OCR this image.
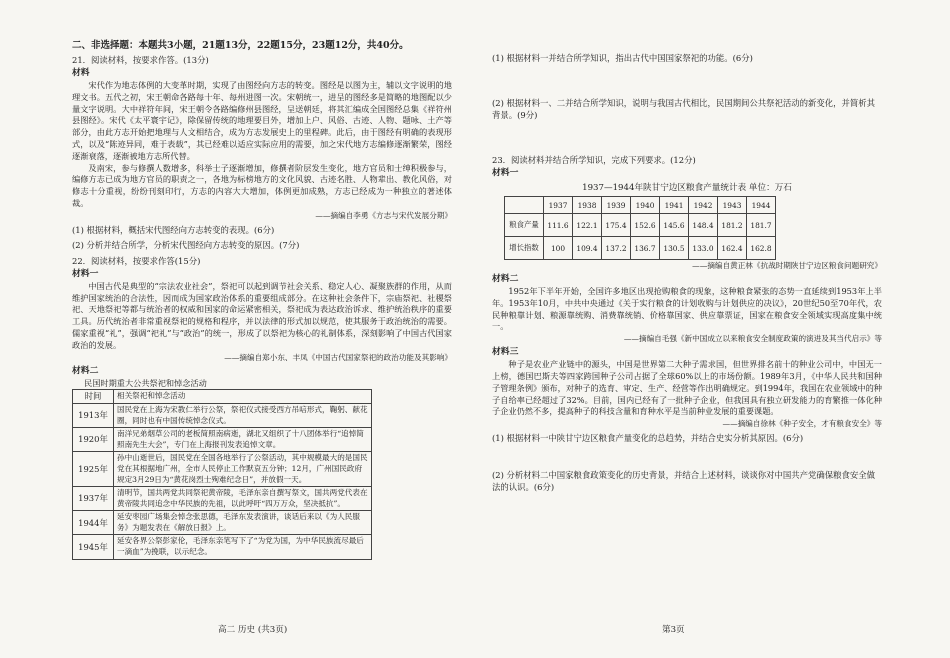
二、非选择题：本题共3小题，21题13分，22题15分，23题12分，共40分。

21．阅读材料，按要求作答。(13分)

材料

宋代作为地志体例的大变革时期，实现了由图经向方志的转变。图经是以图为主，辅以文字说明的地理文书。五代之初，宋王朝命各路每十年、每州进图一次。宋朝统一，进呈的图经多是简略的地图配以少量文字说明。大中祥符年间，宋王朝令各路编修州县图经，呈送朝廷，将其汇编成全国图经总集《祥符州县图经》。宋代《太平寰宇记》，除保留传统的地理要目外，增加上户、风俗、古迹、人物、题咏、土产等部分，由此方志开始把地理与人文相结合，成为方志发展史上的里程碑。此后，由于图经有明确的表现形式，以及“陈迹异同，难于表载”，其已经难以适应实际应用的需要，加之宋代地方志编修逐渐繁荣，图经逐渐衰落，逐渐被地方志所代替。

及南宋，参与修撰人数增多，科举士子逐渐增加，修撰者阶层发生变化，地方官员和士绅积极参与，编修方志已成为地方官员的职责之一，各地为标榜地方的文化风貌、古迹名胜、人物辈出、教化风俗，对修志十分重视，纷纷刊刻印行，方志的内容大大增加，体例更加成熟，方志已经成为一种独立的著述体裁。

——摘编自李勇《方志与宋代发展分期》

(1) 根据材料，概括宋代图经向方志转变的表现。(6分)

(2) 分析并结合所学，分析宋代图经向方志转变的原因。(7分)

22．阅读材料，按要求作答(15分)

材料一

中国古代是典型的“宗法农业社会”，祭祀可以起到调节社会关系、稳定人心、凝聚族群的作用，从而维护国家统治的合法性，因而成为国家政治体系的重要组成部分。在这种社会条件下，宗庙祭祀、社稷祭祀、天地祭祀等都与统治者的权威和国家的命运紧密相关，祭祀成为表达政治诉求、维护统治秩序的重要工具。历代统治者非常重视祭祀的规格和程序，并以法律的形式加以规范，使其服务于政治统治的需要。儒家重视“礼”，强调“祀礼”与“政治”的统一，形成了以祭祀为核心的礼制体系，深刻影响了中国古代国家政治的发展。

——摘编自郑小东、丰凤《中国古代国家祭祀的政治功能及其影响》

材料二

民国时期重大公共祭祀和悼念活动

时间	相关祭祀和悼念活动
1913年	国民党在上海为宋教仁举行公祭，祭祀仪式接受西方吊唁形式，鞠躬、献花圈，同时也有中国传统悼念仪式。
1920年	南洋兄弟烟草公司的老板简照南病逝，湖北又组织了十八团体举行“追悼简照南先生大会”，专门在上海报刊发表追悼文章。
1925年	孙中山逝世后，国民党在全国各地举行了公祭活动，其中规模最大的是国民党在其根据地广州，全市人民停止工作默哀五分钟；12月，广州国民政府规定3月29日为“黄花岗烈士殉难纪念日”，并放假一天。
1937年	清明节，国共两党共同祭祀黄帝陵，毛泽东亲自撰写祭文，国共两党代表在黄帝陵共同追念中华民族的先祖，以此呼吁“四万万众，坚决抵抗”。
1944年	延安枣园广场集会悼念张思德，毛泽东发表演讲，谈话后来以《为人民服务》为题发表在《解放日报》上。
1945年	延安各界公祭彭家伦，毛泽东亲笔写下了“为党为国，为中华民族流尽最后一滴血”为挽联，以示纪念。

(1) 根据材料一并结合所学知识，指出古代中国国家祭祀的功能。(6分)

(2) 根据材料一、二并结合所学知识，说明与我国古代相比，民国期间公共祭祀活动的新变化，并简析其背景。(9分)

23．阅读材料并结合所学知识，完成下列要求。(12分)

材料一

1937—1944年陕甘宁边区粮食产量统计表 单位：万石

	1937	1938	1939	1940	1941	1942	1943	1944
粮食产量	111.6	122.1	175.4	152.6	145.6	148.4	181.2	181.7
增长指数	100	109.4	137.2	136.7	130.5	133.0	162.4	162.8

——摘编自黄正林《抗战时期陕甘宁边区粮食问题研究》

材料二

1952年下半年开始，全国许多地区出现抢购粮食的现象，这种粮食紧张的态势一直延续到1953年上半年。1953年10月，中共中央通过《关于实行粮食的计划收购与计划供应的决议》，20世纪50至70年代，农民种粮靠计划、粮源靠统购、消费靠统销、价格靠国家、供应靠票证，国家在粮食安全领域实现高度集中统一。

——摘编自毛强《新中国成立以来粮食安全制度政策的演进及其当代启示》等

材料三

种子是农业产业链中的源头，中国是世界第二大种子需求国，但世界排名前十的种业公司中，中国无一上榜，德国巴斯夫等四家跨国种子公司占据了全球60%以上的市场份额。1989年3月，《中华人民共和国种子管理条例》颁布，对种子的选育、审定、生产、经营等作出明确规定。到1994年，我国在农业领域中的种子自给率已经超过了32%。目前，国内已经有了一批种子企业，但我国具有独立研发能力的育繁推一体化种子企业仍然不多，提高种子的科技含量和育种水平是当前种业发展的重要课题。

——摘编自徐林《种子安全，才有粮食安全》等

(1) 根据材料一中陕甘宁边区粮食产量变化的总趋势，并结合史实分析其原因。(6分)

(2) 分析材料二中国家粮食政策变化的历史背景，并结合上述材料，谈谈你对中国共产党确保粮食安全做法的认识。(6分)

高二 历史 (共3页)	第3页
